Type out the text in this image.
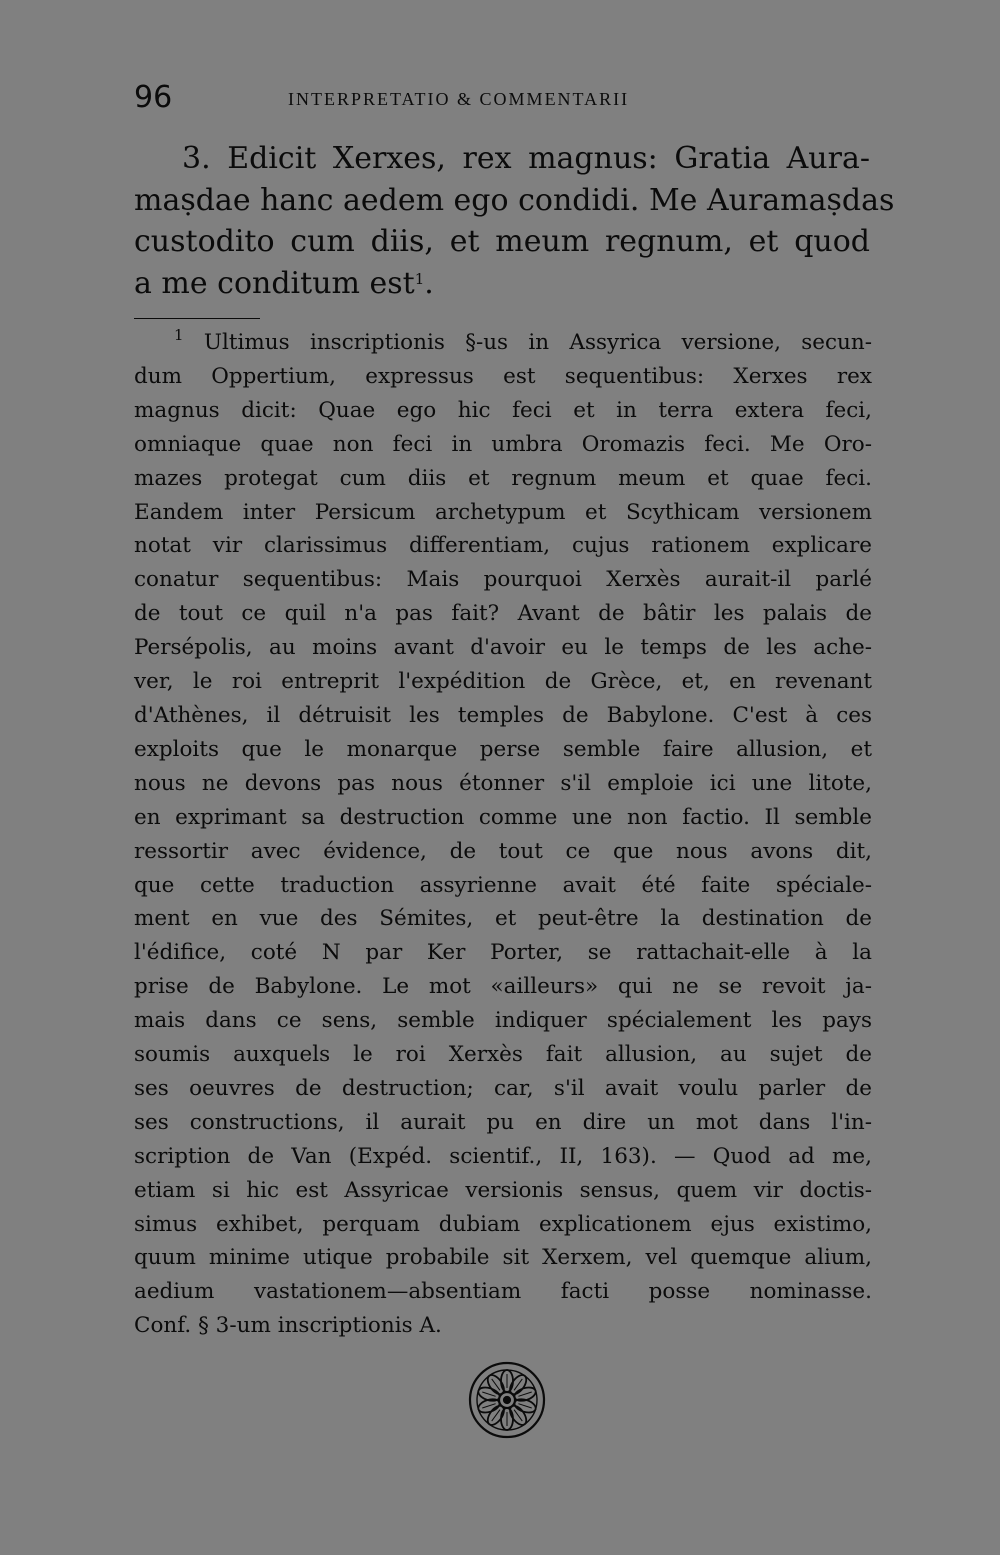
96	INTERPRETATIO & COMMENTARII
3. Edicit Xerxes, rex magnus: Gratia Aura-
maṣdae hanc aedem ego condidi. Me Auramaṣdas
custodito cum diis, et meum regnum, et quod
a me conditum est$^1$.
$^1$ Ultimus inscriptionis §-us in Assyrica versione, secun-
dum Oppertium, expressus est sequentibus: Xerxes rex
magnus dicit: Quae ego hic feci et in terra extera feci,
omniaque quae non feci in umbra Oromazis feci. Me Oro-
mazes protegat cum diis et regnum meum et quae feci.
Eandem inter Persicum archetypum et Scythicam versionem
notat vir clarissimus differentiam, cujus rationem explicare
conatur sequentibus: Mais pourquoi Xerxès aurait-il parlé
de tout ce quil n'a pas fait? Avant de bâtir les palais de
Persépolis, au moins avant d'avoir eu le temps de les ache-
ver, le roi entreprit l'expédition de Grèce, et, en revenant
d'Athènes, il détruisit les temples de Babylone. C'est à ces
exploits que le monarque perse semble faire allusion, et
nous ne devons pas nous étonner s'il emploie ici une litote,
en exprimant sa destruction comme une non factio. Il semble
ressortir avec évidence, de tout ce que nous avons dit,
que cette traduction assyrienne avait été faite spéciale-
ment en vue des Sémites, et peut-être la destination de
l'édifice, coté N par Ker Porter, se rattachait-elle à la
prise de Babylone. Le mot «ailleurs» qui ne se revoit ja-
mais dans ce sens, semble indiquer spécialement les pays
soumis auxquels le roi Xerxès fait allusion, au sujet de
ses oeuvres de destruction; car, s'il avait voulu parler de
ses constructions, il aurait pu en dire un mot dans l'in-
scription de Van (Expéd. scientif., II, 163). — Quod ad me,
etiam si hic est Assyricae versionis sensus, quem vir doctis-
simus exhibet, perquam dubiam explicationem ejus existimo,
quum minime utique probabile sit Xerxem, vel quemque alium,
aedium vastationem—absentiam facti posse nominasse.
Conf. § 3-um inscriptionis A.
